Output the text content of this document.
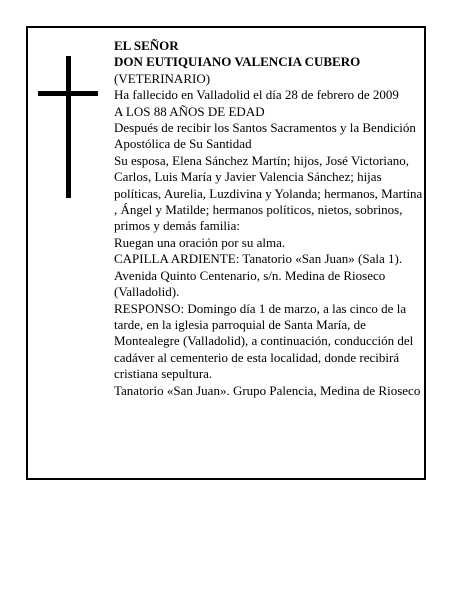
EL SEÑOR

DON EUTIQUIANO VALENCIA CUBERO

(VETERINARIO)

Ha fallecido en Valladolid el día 28 de febrero de 2009

A LOS 88 AÑOS DE EDAD

Después de recibir los Santos Sacramentos y la Bendición Apostólica de Su Santidad

Su esposa, Elena Sánchez Martín; hijos, José Victoriano, Carlos, Luis María y Javier Valencia Sánchez; hijas políticas, Aurelia, Luzdivina y Yolanda; hermanos, Martina , Ángel y Matilde; hermanos políticos, nietos, sobrinos, primos y demás familia:

Ruegan una oración por su alma.

CAPILLA ARDIENTE: Tanatorio «San Juan» (Sala 1). Avenida Quinto Centenario, s/n. Medina de Rioseco (Valladolid).

RESPONSO: Domingo día 1 de marzo, a las cinco de la tarde, en la iglesia parroquial de Santa María, de Montealegre (Valladolid), a continuación, conducción del cadáver al cementerio de esta localidad, donde recibirá cristiana sepultura.

Tanatorio «San Juan». Grupo Palencia, Medina de Rioseco
